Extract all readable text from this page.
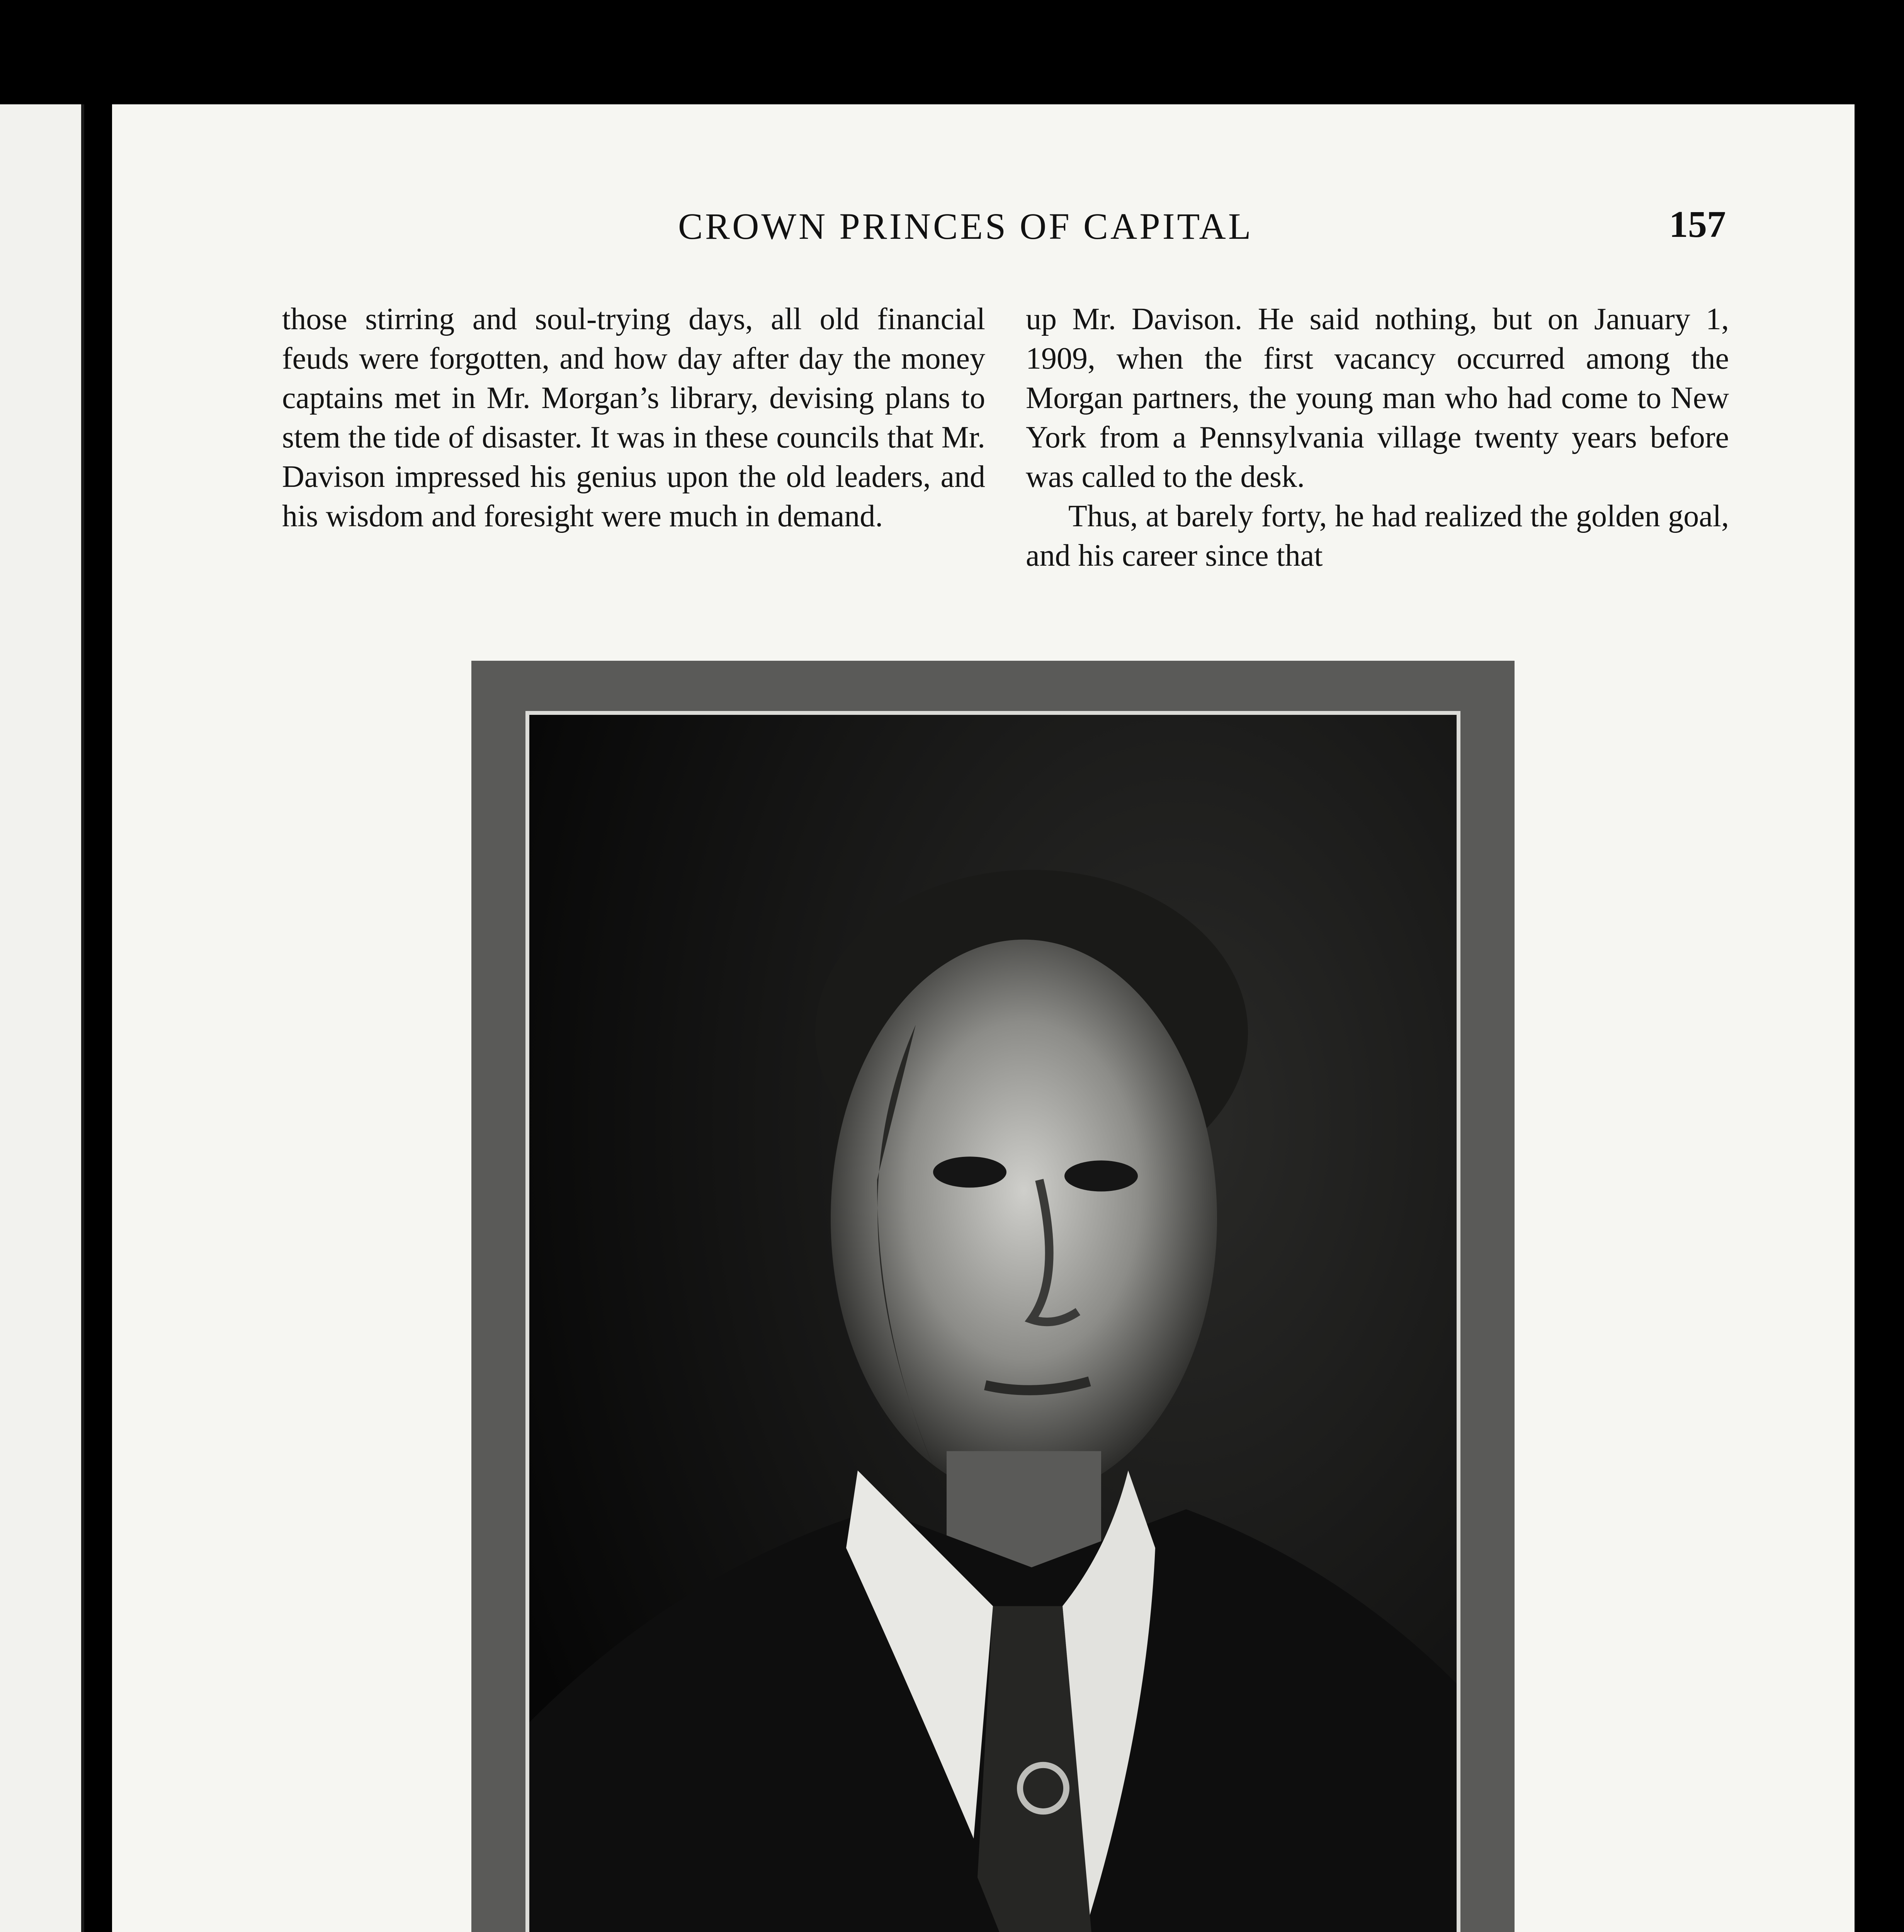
CROWN PRINCES OF CAPITAL	157

those stirring and soul-trying days, all old financial feuds were forgotten, and how day after day the money captains met in Mr. Morgan’s library, devising plans to stem the tide of disaster. It was in these councils that Mr. Davison impressed his genius upon the old leaders, and his wisdom and foresight were much in demand.

up Mr. Davison. He said nothing, but on January 1, 1909, when the first vacancy occurred among the Morgan partners, the young man who had come to New York from a Pennsylvania village twenty years before was called to the desk.

Thus, at barely forty, he had realized the golden goal, and his career since that
